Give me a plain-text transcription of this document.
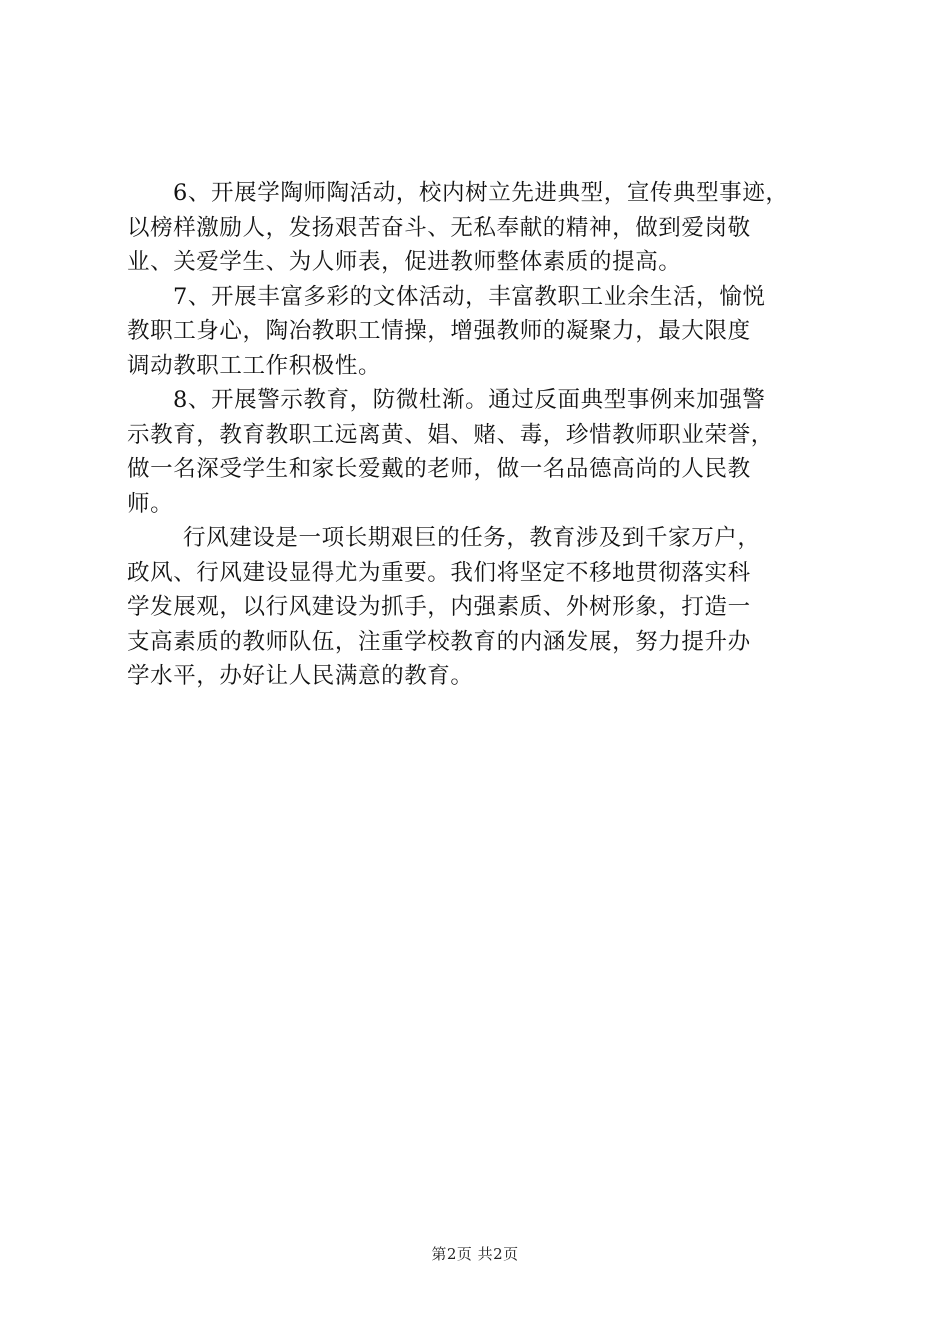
6、开展学陶师陶活动，校内树立先进典型，宣传典型事迹，
以榜样激励人，发扬艰苦奋斗、无私奉献的精神，做到爱岗敬
业、关爱学生、为人师表，促进教师整体素质的提高。
7、开展丰富多彩的文体活动，丰富教职工业余生活，愉悦
教职工身心，陶冶教职工情操，增强教师的凝聚力，最大限度
调动教职工工作积极性。
8、开展警示教育，防微杜渐。通过反面典型事例来加强警
示教育，教育教职工远离黄、娼、赌、毒，珍惜教师职业荣誉，
做一名深受学生和家长爱戴的老师，做一名品德高尚的人民教
师。
行风建设是一项长期艰巨的任务，教育涉及到千家万户，
政风、行风建设显得尤为重要。我们将坚定不移地贯彻落实科
学发展观，以行风建设为抓手，内强素质、外树形象，打造一
支高素质的教师队伍，注重学校教育的内涵发展，努力提升办
学水平，办好让人民满意的教育。
第2页 共2页
